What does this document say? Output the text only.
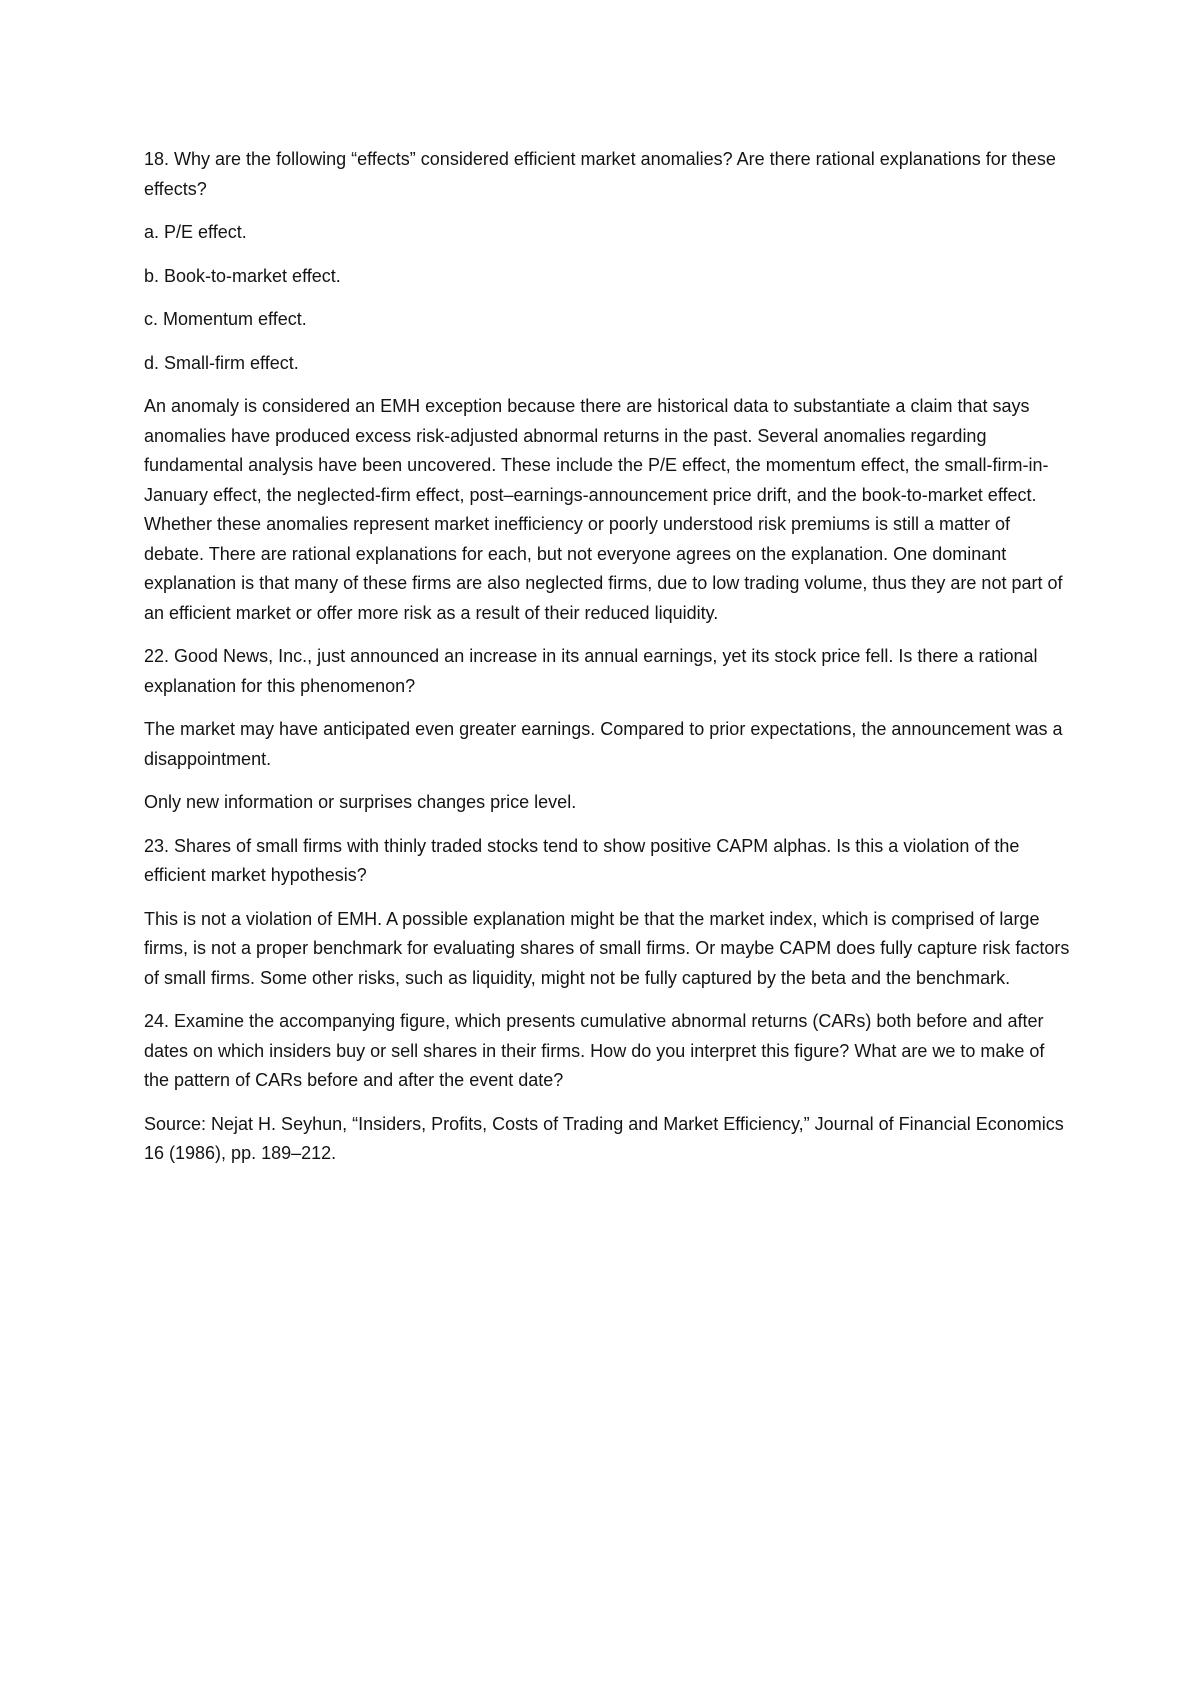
18. Why are the following “effects” considered efficient market anomalies? Are there rational explanations for these effects?

a. P/E effect.

b. Book-to-market effect.

c. Momentum effect.

d. Small-firm effect.

An anomaly is considered an EMH exception because there are historical data to substantiate a claim that says anomalies have produced excess risk-adjusted abnormal returns in the past. Several anomalies regarding fundamental analysis have been uncovered. These include the P/E effect, the momentum effect, the small-firm-in-January effect, the neglected-firm effect, post–earnings-announcement price drift, and the book-to-market effect. Whether these anomalies represent market inefficiency or poorly understood risk premiums is still a matter of debate. There are rational explanations for each, but not everyone agrees on the explanation. One dominant explanation is that many of these firms are also neglected firms, due to low trading volume, thus they are not part of an efficient market or offer more risk as a result of their reduced liquidity.

22. Good News, Inc., just announced an increase in its annual earnings, yet its stock price fell. Is there a rational explanation for this phenomenon?

The market may have anticipated even greater earnings. Compared to prior expectations, the announcement was a disappointment.

Only new information or surprises changes price level.

23. Shares of small firms with thinly traded stocks tend to show positive CAPM alphas. Is this a violation of the efficient market hypothesis?

This is not a violation of EMH. A possible explanation might be that the market index, which is comprised of large firms, is not a proper benchmark for evaluating shares of small firms. Or maybe CAPM does fully capture risk factors of small firms. Some other risks, such as liquidity, might not be fully captured by the beta and the benchmark.

24. Examine the accompanying figure, which presents cumulative abnormal returns (CARs) both before and after dates on which insiders buy or sell shares in their firms. How do you interpret this figure? What are we to make of the pattern of CARs before and after the event date?

Source: Nejat H. Seyhun, “Insiders, Profits, Costs of Trading and Market Efficiency,” Journal of Financial Economics 16 (1986), pp. 189–212.
